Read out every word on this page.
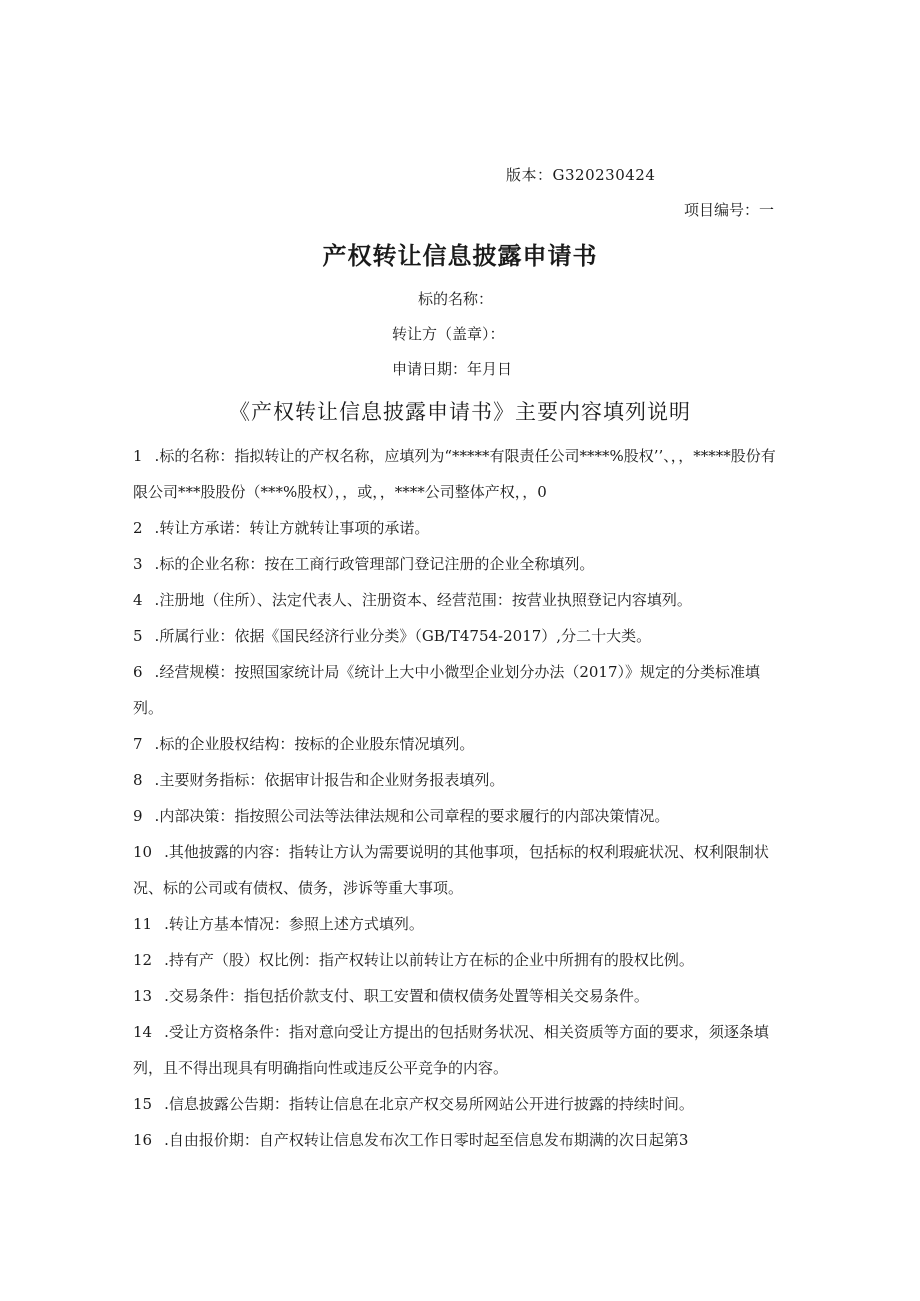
版本：G320230424
项目编号：一
产权转让信息披露申请书
标的名称：
转让方（盖章）：
申请日期：年月日
《产权转让信息披露申请书》主要内容填列说明

1 .标的名称：指拟转让的产权名称，应填列为“*****有限责任公司****%股权’’、，，*****股份有限公司***股股份（***%股权），，或，，****公司整体产权，，0

2 .转让方承诺：转让方就转让事项的承诺。

3 .标的企业名称：按在工商行政管理部门登记注册的企业全称填列。

4 .注册地（住所）、法定代表人、注册资本、经营范围：按营业执照登记内容填列。

5 .所属行业：依据《国民经济行业分类》（GB/T4754-2017）,分二十大类。

6 .经营规模：按照国家统计局《统计上大中小微型企业划分办法（2017）》规定的分类标准填列。

7 .标的企业股权结构：按标的企业股东情况填列。

8 .主要财务指标：依据审计报告和企业财务报表填列。

9 .内部决策：指按照公司法等法律法规和公司章程的要求履行的内部决策情况。

10 .其他披露的内容：指转让方认为需要说明的其他事项，包括标的权利瑕疵状况、权利限制状况、标的公司或有债权、债务，涉诉等重大事项。

11 .转让方基本情况：参照上述方式填列。

12 .持有产（股）权比例：指产权转让以前转让方在标的企业中所拥有的股权比例。

13 .交易条件：指包括价款支付、职工安置和债权债务处置等相关交易条件。

14 .受让方资格条件：指对意向受让方提出的包括财务状况、相关资质等方面的要求，须逐条填列，且不得出现具有明确指向性或违反公平竞争的内容。

15 .信息披露公告期：指转让信息在北京产权交易所网站公开进行披露的持续时间。

16 .自由报价期：自产权转让信息发布次工作日零时起至信息发布期满的次日起第3
